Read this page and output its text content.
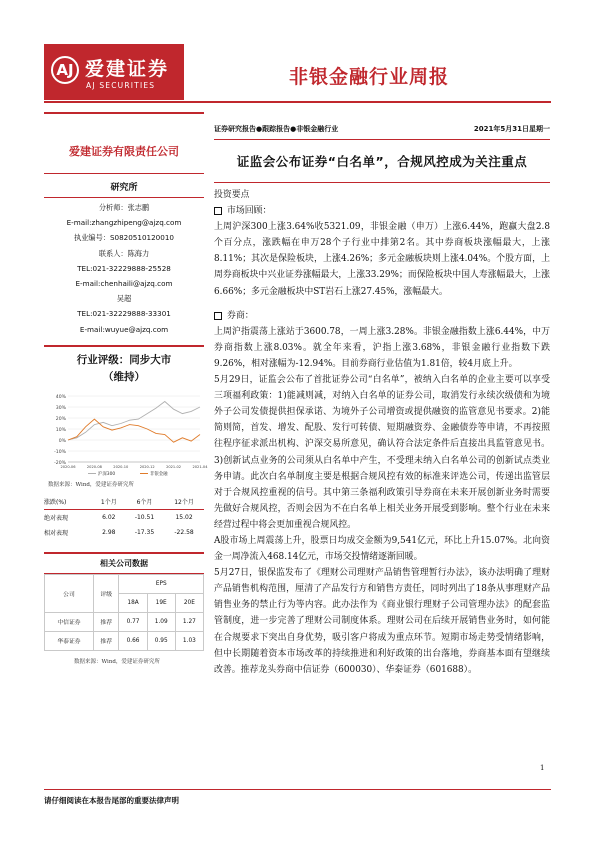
AJ 爱建证券
AJ SECURITIES	非银金融行业周报
爱建证券有限责任公司
研究所
分析师：张志鹏
E-mail:zhangzhipeng@ajzq.com
执业编号：S0820510120010
联系人：陈海力
TEL:021-32229888-25528
E-mail:chenhaili@ajzq.com
吴超
TEL:021-32229888-33301
E-mail:wuyue@ajzq.com
行业评级：同步大市
（维持）
40%
30%
20%
10%
0%
-10%
-20%
2020-06	2020-08	2020-10	2020-12	2021-02	2021-04
沪深300	非银金融
数据来源：Wind，爱建证券研究所
涨跌(%)	1个月	6个月	12个月
绝对表现	6.02	-10.51	15.02
相对表现	2.98	-17.35	-22.58
相关公司数据
公司	评级	EPS		
		18A	19E	20E
中信证券	推荐	0.77	1.09	1.27
华泰证券	推荐	0.66	0.95	1.03
数据来源：Wind，爱建证券研究所
证券研究报告●跟踪报告●非银金融行业	2021年5月31日星期一
证监会公布证券“白名单”，合规风控成为关注重点

投资要点

市场回顾：

上周沪深300上涨3.64%收5321.09，非银金融（申万）上涨6.44%，跑赢大盘2.8个百分点，涨跌幅在申万28个子行业中排第2名。其中券商板块涨幅最大，上涨8.11%；其次是保险板块，上涨4.26%；多元金融板块则上涨4.04%。个股方面，上周券商板块中兴业证券涨幅最大，上涨33.29%；而保险板块中国人寿涨幅最大，上涨6.66%；多元金融板块中ST岩石上涨27.45%，涨幅最大。

券商：

上周沪指震荡上涨站于3600.78，一周上涨3.28%。非银金融指数上涨6.44%，中万券商指数上涨8.03%。就全年来看，沪指上涨3.68%，非银金融行业指数下跌9.26%，相对涨幅为-12.94%。目前券商行业估值为1.81倍，较4月底上升。

5月29日，证监会公布了首批证券公司“白名单”，被纳入白名单的企业主要可以享受三项福利政策：1)能减则减，对纳入白名单的证券公司，取消发行永续次级债和为境外子公司发债提供担保承诺、为境外子公司增资或提供融资的监管意见书要求。2)能简则简，首发、增发、配股、发行可转债、短期融资券、金融债券等申请，不再按照往程序征求派出机构、沪深交易所意见，确认符合法定条件后直接出具监管意见书。3)创新试点业务的公司须从白名单中产生，不受理未纳入白名单公司的创新试点类业务申请。此次白名单制度主要是根据合规风控有效的标准来评选公司，传递出监管层对于合规风控重视的信号。其中第三条福利政策引导券商在未来开展创新业务时需要先做好合规风控，否则会因为不在白名单上相关业务开展受到影响。整个行业在未来经营过程中将会更加重视合规风控。

A股市场上周震荡上升，股票日均成交金额为9,541亿元，环比上升15.07%。北向资金一周净流入468.14亿元，市场交投情绪逐渐回暖。

5月27日，银保监发布了《理财公司理财产品销售管理暂行办法》，该办法明确了理财产品销售机构范围，厘清了产品发行方和销售方责任，同时列出了18条从事理财产品销售业务的禁止行为等内容。此办法作为《商业银行理财子公司管理办法》的配套监管制度，进一步完善了理财公司制度体系。理财公司在后续开展销售业务时，如何能在合规要求下突出自身优势，吸引客户将成为重点环节。短期市场走势受情绪影响，但中长期随着资本市场改革的持续推进和利好政策的出台落地，券商基本面有望继续改善。推荐龙头券商中信证券（600030）、华泰证券（601688）。

1
请仔细阅读在本报告尾部的重要法律声明
